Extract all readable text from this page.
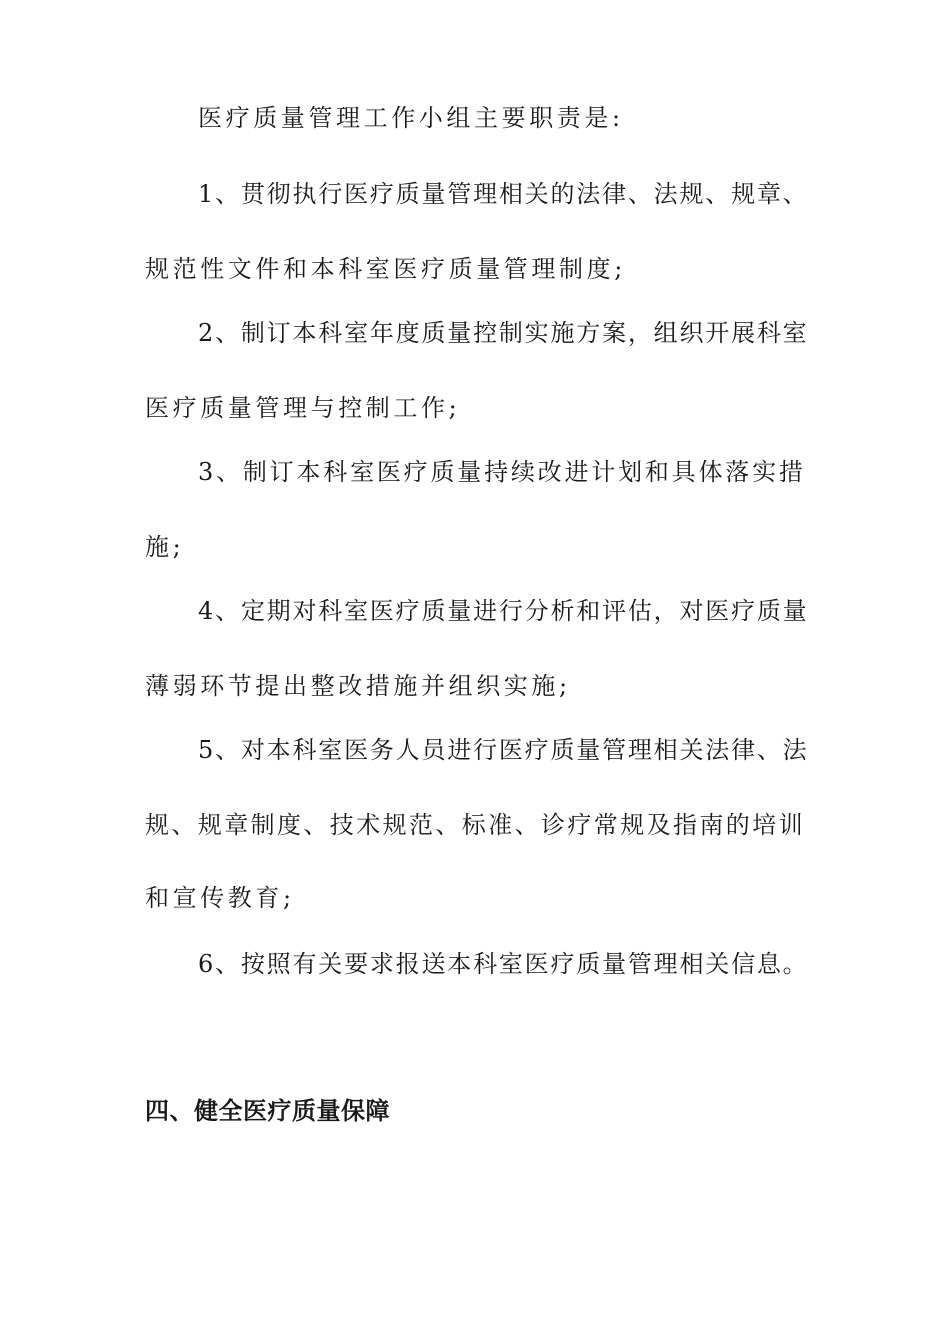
医疗质量管理工作小组主要职责是:
1、贯彻执行医疗质量管理相关的法律、法规、规章、
规范性文件和本科室医疗质量管理制度;
2、制订本科室年度质量控制实施方案，组织开展科室
医疗质量管理与控制工作;
3、制订本科室医疗质量持续改进计划和具体落实措
施;
4、定期对科室医疗质量进行分析和评估，对医疗质量
薄弱环节提出整改措施并组织实施;
5、对本科室医务人员进行医疗质量管理相关法律、法
规、规章制度、技术规范、标准、诊疗常规及指南的培训
和宣传教育;
6、按照有关要求报送本科室医疗质量管理相关信息。
四、健全医疗质量保障
